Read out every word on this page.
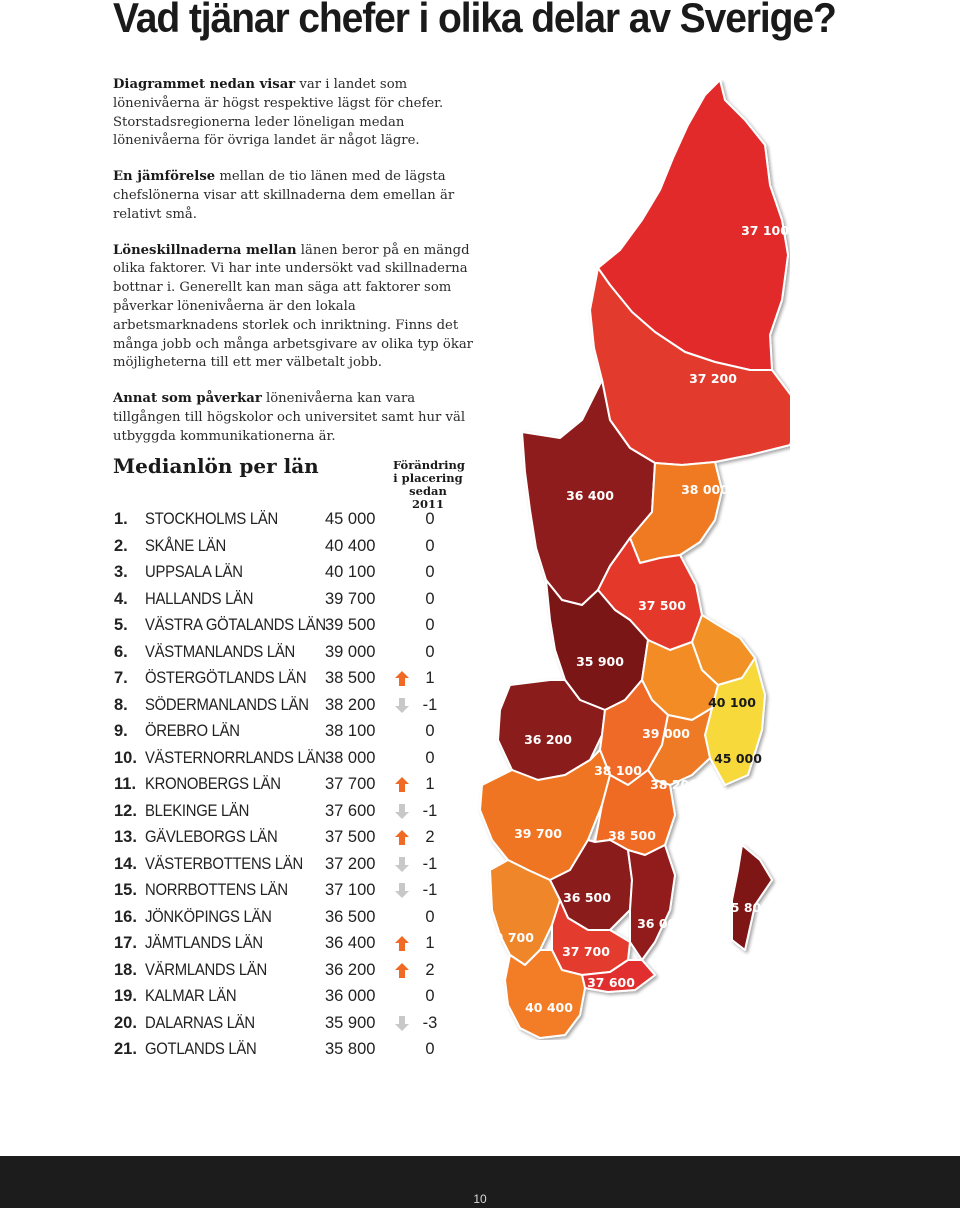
Vad tjänar chefer i olika delar av Sverige?

Diagrammet nedan visar var i landet som lönenivåerna är högst respektive lägst för chefer. Storstadsregionerna leder löneligan medan lönenivåerna för övriga landet är något lägre.

En jämförelse mellan de tio länen med de lägsta chefslönerna visar att skillnaderna dem emellan är relativt små.

Löneskillnaderna mellan länen beror på en mängd olika faktorer. Vi har inte undersökt vad skillnaderna bottnar i. Generellt kan man säga att faktorer som påverkar lönenivåerna är den lokala arbetsmarknadens storlek och inriktning. Finns det många jobb och många arbetsgivare av olika typ ökar möjligheterna till ett mer välbetalt jobb.

Annat som påverkar lönenivåerna kan vara tillgången till högskolor och universitet samt hur väl utbyggda kommunikationerna är.

Medianlön per län	Förändring
i placering
sedan 2011
1. STOCKHOLMS LÄN	45 000	0
2. SKÅNE LÄN	40 400	0
3. UPPSALA LÄN	40 100	0
4. HALLANDS LÄN	39 700	0
5. VÄSTRA GÖTALANDS LÄN 39 500	0
6. VÄSTMANLANDS LÄN 39 000	0
7. ÖSTERGÖTLANDS LÄN 38 500	1
8. SÖDERMANLANDS LÄN 38 200	-1
9. ÖREBRO LÄN	38 100	0
10. VÄSTERNORRLANDS LÄN 38 000	0
11. KRONOBERGS LÄN	37 700	1
12. BLEKINGE LÄN	37 600	-1
13. GÄVLEBORGS LÄN	37 500	2
14. VÄSTERBOTTENS LÄN 37 200	-1
15. NORRBOTTENS LÄN 37 100	-1
16. JÖNKÖPINGS LÄN	36 500	0
17. JÄMTLANDS LÄN	36 400	1
18. VÄRMLANDS LÄN	36 200	2
19. KALMAR LÄN	36 000	0
20. DALARNAS LÄN	35 900	-3
21. GOTLANDS LÄN	35 800	0
37 100
37 200
36 400	38 000
37 500
35 900
40 100
45 000
39 000
36 200
38 100
38 200
39 700	38 500
36 500
36 000
35 800
39 700
37 700
37 600
40 400
10
